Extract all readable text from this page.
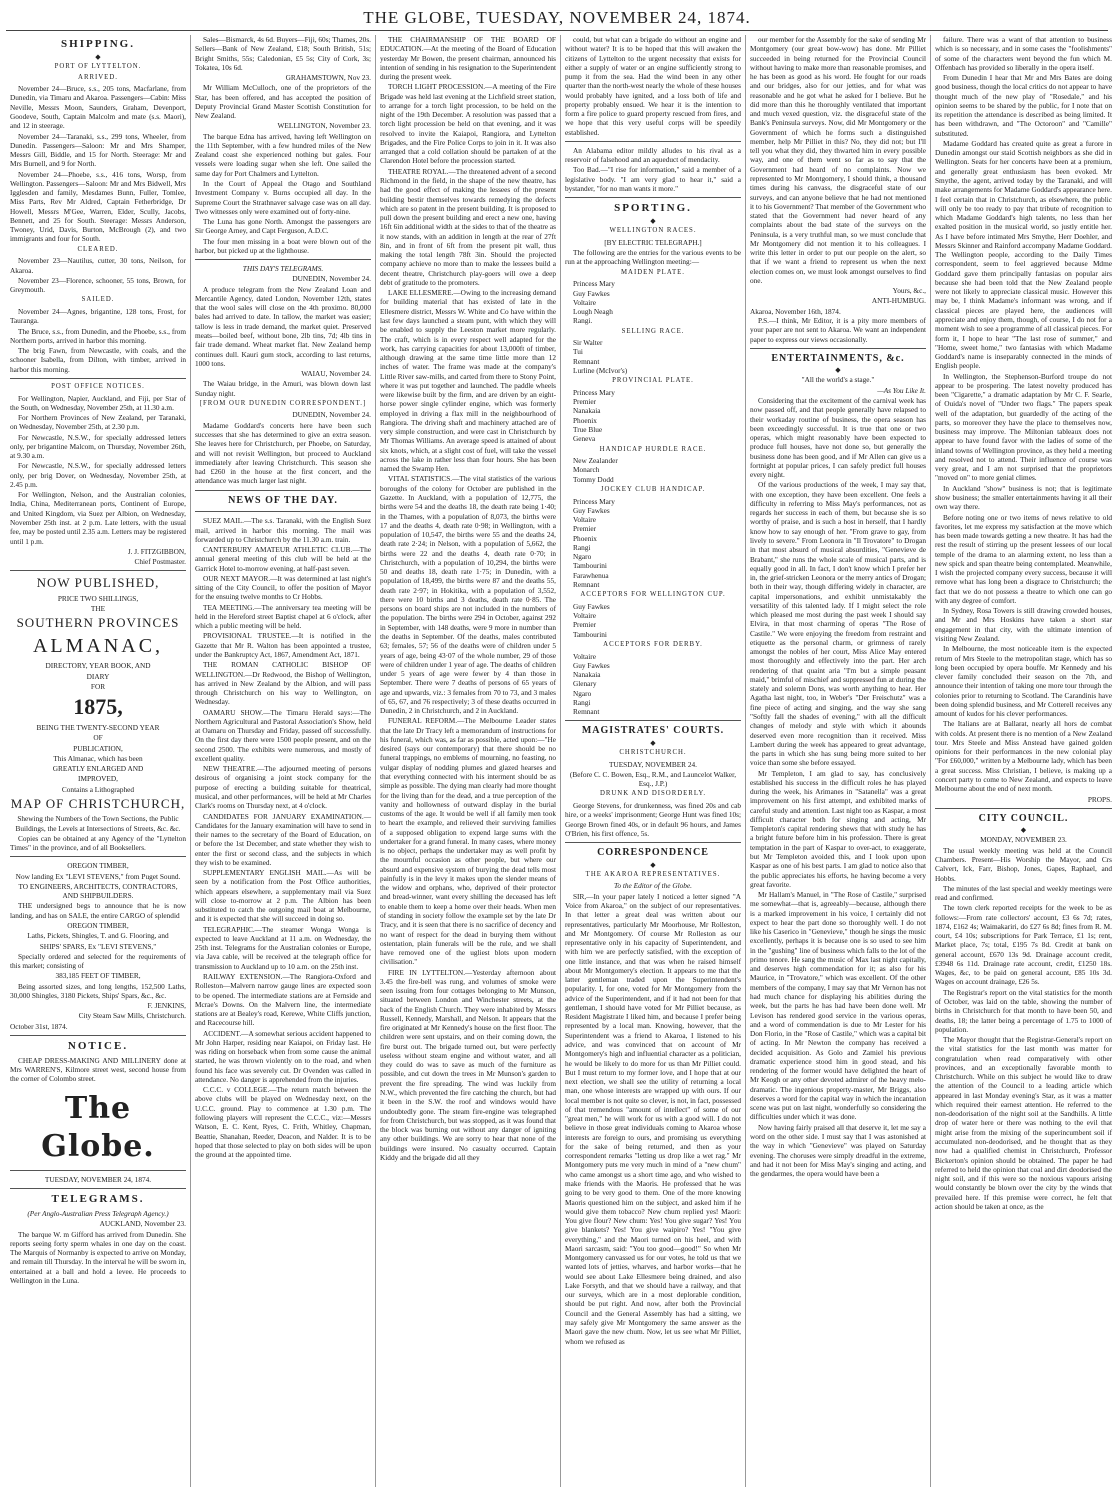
THE GLOBE, TUESDAY, NOVEMBER 24, 1874.
SHIPPING.
◆
PORT OF LYTTELTON.
ARRIVED.

November 24—Bruce, s.s., 205 tons, Macfarlane, from Dunedin, via Timaru and Akaroa. Passengers—Cabin: Miss Neville, Messrs Moon, Saunders, Graham, Devenport, Goodeve, South, Captain Malcolm and mate (s.s. Maori), and 12 in steerage.

November 24—Taranaki, s.s., 299 tons, Wheeler, from Dunedin. Passengers—Saloon: Mr and Mrs Shamper, Messrs Gill, Biddle, and 15 for North. Steerage: Mr and Mrs Burnell, and 9 for North.

November 24—Phoebe, s.s., 416 tons, Worsp, from Wellington. Passengers—Saloon: Mr and Mrs Bidwell, Mrs Igglesden and family, Mesdames Bunn, Fuller, Tomlee, Miss Parts, Rev Mr Aldred, Captain Fetherbridge, Dr Howell, Messrs M'Gee, Warren, Elder, Scully, Jacobs, Bennett, and 25 for South. Steerage: Messrs Anderson, Twoney, Urid, Davis, Burton, McBrough (2), and two immigrants and four for South.

CLEARED.

November 23—Nautilus, cutter, 30 tons, Neilson, for Akaroa.

November 23—Florence, schooner, 55 tons, Brown, for Greymouth.

SAILED.

November 24—Agnes, brigantine, 128 tons, Frost, for Tauranga.

The Bruce, s.s., from Dunedin, and the Phoebe, s.s., from Northern ports, arrived in harbor this morning.

The brig Fawn, from Newcastle, with coals, and the schooner Isabella, from Dilton, with timber, arrived in harbor this morning.

POST OFFICE NOTICES.

For Wellington, Napier, Auckland, and Fiji, per Star of the South, on Wednesday, November 25th, at 11.30 a.m.

For Northern Provinces of New Zealand, per Taranaki, on Wednesday, November 25th, at 2.30 p.m.

For Newcastle, N.S.W., for specially addressed letters only, per brigantine Malcom, on Thursday, November 26th, at 9.30 a.m.

For Newcastle, N.S.W., for specially addressed letters only, per brig Dover, on Wednesday, November 25th, at 2.45 p.m.

For Wellington, Nelson, and the Australian colonies, India, China, Mediterranean ports, Continent of Europe, and United Kingdom, via Suez per Albion, on Wednesday, November 25th inst. at 2 p.m. Late letters, with the usual fee, may be posted until 2.35 a.m. Letters may be registered until 1 p.m.

J. J. FITZGIBBON,
Chief Postmaster.
NOW PUBLISHED,
PRICE TWO SHILLINGS,
THE
SOUTHERN PROVINCES
ALMANAC,
DIRECTORY, YEAR BOOK, AND
DIARY
FOR
1875,
BEING THE TWENTY-SECOND YEAR
OF
PUBLICATION,
This Almanac, which has been
GREATLY ENLARGED AND
IMPROVED,
Contains a Lithographed
MAP OF CHRISTCHURCH,
Shewing the Numbers of the Town Sections, the Public Buildings, the Levels at Intersections of Streets, &c. &c.

Copies can be obtained at any Agency of the "Lyttelton Times" in the province, and of all Booksellers.

OREGON TIMBER,
Now landing Ex "LEVI STEVENS," from Puget Sound.
TO ENGINEERS, ARCHITECTS, CONTRACTORS, AND SHIPBUILDERS.

THE undersigned begs to announce that he is now landing, and has on SALE, the entire CARGO of splendid

OREGON TIMBER,
Laths, Pickets, Shingles, T. and G. Flooring, and
SHIPS' SPARS, Ex "LEVI STEVENS,"

Specially ordered and selected for the requirements of this market; consisting of

383,185 FEET OF TIMBER,

Being assorted sizes, and long lengths, 152,500 Laths, 30,000 Shingles, 3180 Pickets, Ships' Spars, &c., &c.

F. JENKINS,
City Steam Saw Mills, Christchurch.
October 31st, 1874.
NOTICE.

CHEAP DRESS-MAKING AND MILLINERY done at Mrs WARREN'S, Kilmore street west, second house from the corner of Colombo street.

The Globe.
TUESDAY, NOVEMBER 24, 1874.
TELEGRAMS.
(Per Anglo-Australian Press Telegraph Agency.)
AUCKLAND, November 23.

The barque W. m Gifford has arrived from Dunedin. She reports seeing forty sperm whales in one day on the coast. The Marquis of Normanby is expected to arrive on Monday, and remain till Thursday. In the interval he will be sworn in, entertained at a ball and hold a levee. He proceeds to Wellington in the Luna.

Sales—Bismarck, 4s 6d. Buyers—Fiji, 60s; Thames, 20s. Sellers—Bank of New Zealand, £18; South British, 51s; Bright Smiths, 55s; Caledonian, £5 5s; City of Cork, 3s; Tokatea, 10s 6d.

GRAHAMSTOWN, Nov 23.

Mr William McCulloch, one of the proprietors of the Star, has been offered, and has accepted the position of Deputy Provincial Grand Master Scottish Constitution for New Zealand.

WELLINGTON, November 23.

The barque Edna has arrived, having left Wellington on the 11th September, with a few hundred miles of the New Zealand coast she experienced nothing but gales. Four vessels were loading sugar when she left. One sailed the same day for Port Chalmers and Lyttelton.

In the Court of Appeal the Otago and Southland Investment Company v. Burns occupied all day. In the Supreme Court the Strathnaver salvage case was on all day. Two witnesses only were examined out of forty-nine.

The Luna has gone North. Amongst the passengers are Sir George Arney, and Capt Ferguson, A.D.C.

The four men missing in a boat were blown out of the harbor, but picked up at the lighthouse.

THIS DAY'S TELEGRAMS.
DUNEDIN, November 24.

A produce telegram from the New Zealand Loan and Mercantile Agency, dated London, November 12th, states that the wool sales will close on the 4th proximo. 80,000 bales had arrived to date. In tallow, the market was easier; tallow is less in trade demand, the market quiet. Preserved meats—boiled beef, without bone, 2lb tins, 7d; 4lb tins in fair trade demand. Wheat market flat. New Zealand hemp continues dull. Kauri gum stock, according to last returns, 1000 tons.

WAIAU, November 24.

The Waiau bridge, in the Amuri, was blown down last Sunday night.

[FROM OUR DUNEDIN CORRESPONDENT.]
DUNEDIN, November 24.

Madame Goddard's concerts here have been such successes that she has determined to give an extra season. She leaves here for Christchurch, per Phoebe, on Saturday, and will not revisit Wellington, but proceed to Auckland immediately after leaving Christchurch. This season she had £260 in the house at the first concert, and the attendance was much larger last night.

NEWS OF THE DAY.

SUEZ MAIL.—The s.s. Taranaki, with the English Suez mail, arrived in harbor this morning. The mail was forwarded up to Christchurch by the 11.30 a.m. train.

CANTERBURY AMATEUR ATHLETIC CLUB.—The annual general meeting of this club will be held at the Garrick Hotel to-morrow evening, at half-past seven.

OUR NEXT MAYOR.—It was determined at last night's sitting of the City Council, to offer the position of Mayor for the ensuing twelve months to Cr Hobbs.

TEA MEETING.—The anniversary tea meeting will be held in the Hereford street Baptist chapel at 6 o'clock, after which a public meeting will be held.

PROVISIONAL TRUSTEE.—It is notified in the Gazette that Mr R. Walton has been appointed a trustee, under the Bankruptcy Act, 1867, Amendment Act, 1871.

THE ROMAN CATHOLIC BISHOP OF WELLINGTON.—Dr Redwood, the Bishop of Wellington, has arrived in New Zealand by the Albion, and will pass through Christchurch on his way to Wellington, on Wednesday.

OAMARU SHOW.—The Timaru Herald says:—The Northern Agricultural and Pastoral Association's Show, held at Oamaru on Thursday and Friday, passed off successfully. On the first day there were 1500 people present, and on the second 2500. The exhibits were numerous, and mostly of excellent quality.

NEW THEATRE.—The adjourned meeting of persons desirous of organising a joint stock company for the purpose of erecting a building suitable for theatrical, musical, and other performances, will be held at Mr Charles Clark's rooms on Thursday next, at 4 o'clock.

CANDIDATES FOR JANUARY EXAMINATION.—Candidates for the January examination will have to send in their names to the secretary of the Board of Education, on or before the 1st December, and state whether they wish to enter the first or second class, and the subjects in which they wish to be examined.

SUPPLEMENTARY ENGLISH MAIL.—As will be seen by a notification from the Post Office authorities, which appears elsewhere, a supplementary mail via Suez will close to-morrow at 2 p.m. The Albion has been substituted to catch the outgoing mail boat at Melbourne, and it is expected that she will succeed in doing so.

TELEGRAPHIC.—The steamer Wonga Wonga is expected to leave Auckland at 11 a.m. on Wednesday, the 25th inst. Telegrams for the Australian colonies or Europe, via Java cable, will be received at the telegraph office for transmission to Auckland up to 10 a.m. on the 25th inst.

RAILWAY EXTENSION.—The Rangiora-Oxford and Rolleston—Malvern narrow gauge lines are expected soon to be opened. The intermediate stations are at Fernside and Mcrae's Downs. On the Malvern line, the intermediate stations are at Bealey's road, Kerewe, White Cliffs junction, and Racecourse hill.

ACCIDENT.—A somewhat serious accident happened to Mr John Harper, residing near Kaiapoi, on Friday last. He was riding on horseback when from some cause the animal started, he was thrown violently on to the road, and when found his face was severely cut. Dr Ovenden was called in attendance. No danger is apprehended from the injuries.

C.C.C. v COLLEGE.—The return match between the above clubs will be played on Wednesday next, on the U.C.C. ground. Play to commence at 1.30 p.m. The following players will represent the C.C.C., viz:—Messrs Watson, E. C. Kent, Ryes, C. Frith, Whitley, Chapman, Beattie, Shanahan, Reeder, Deacon, and Nalder. It is to be hoped that those selected to play on both sides will be upon the ground at the appointed time.

THE CHAIRMANSHIP OF THE BOARD OF EDUCATION.—At the meeting of the Board of Education yesterday Mr Bowen, the present chairman, announced his intention of sending in his resignation to the Superintendent during the present week.

TORCH LIGHT PROCESSION.—A meeting of the Fire Brigade was held last evening at the Lichfield street station, to arrange for a torch light procession, to be held on the night of the 19th December. A resolution was passed that a torch light procession be held on that evening, and it was resolved to invite the Kaiapoi, Rangiora, and Lyttelton Brigades, and the Fire Police Corps to join in it. It was also arranged that a cold collation should be partaken of at the Clarendon Hotel before the procession started.

THEATRE ROYAL.—The threatened advent of a second Richmond in the field, in the shape of the new theatre, has had the good effect of making the lessees of the present building bestir themselves towards remedying the defects which are so patent in the present building. It is proposed to pull down the present building and erect a new one, having 16ft 6in additional width at the sides to that of the theatre as it now stands, with an addition in length at the rear of 27ft 8in, and in front of 6ft from the present pit wall, thus making the total length 78ft 3in. Should the projected company achieve no more than to make the lessees build a decent theatre, Christchurch play-goers will owe a deep debt of gratitude to the promoters.

LAKE ELLESMERE.—Owing to the increasing demand for building material that has existed of late in the Ellesmere district, Messrs W. White and Co have within the last few days launched a steam punt, with which they will be enabled to supply the Leeston market more regularly. The craft, which is in every respect well adapted for the work, has carrying capacities for about 13,000ft of timber, although drawing at the same time little more than 12 inches of water. The frame was made at the company's Little River saw-mills, and carted from there to Stony Point, where it was put together and launched. The paddle wheels were likewise built by the firm, and are driven by an eight-horse power single cylinder engine, which was formerly employed in driving a flax mill in the neighbourhood of Rangiora. The driving shaft and machinery attached are of very simple construction, and were cast in Christchurch by Mr Thomas Williams. An average speed is attained of about six knots, which, at a slight cost of fuel, will take the vessel across the lake in rather less than four hours. She has been named the Swamp Hen.

VITAL STATISTICS.—The vital statistics of the various boroughs of the colony for October are published in the Gazette. In Auckland, with a population of 12,775, the births were 54 and the deaths 18, the death rate being 1·40; in the Thames, with a population of 8,073, the births were 17 and the deaths 4, death rate 0·98; in Wellington, with a population of 10,547, the births were 55 and the deaths 24, death rate 2·24; in Nelson, with a population of 5,662, the births were 22 and the deaths 4, death rate 0·70; in Christchurch, with a population of 10,294, the births were 50 and deaths 18, death rate 1·75; in Dunedin, with a population of 18,499, the births were 87 and the deaths 55, death rate 2·97; in Hokitika, with a population of 3,552, there were 10 births and 3 deaths, death rate 0·85. The persons on board ships are not included in the numbers of the population. The births were 294 in October, against 292 in September, with 148 deaths, were 9 more in number than the deaths in September. Of the deaths, males contributed 63; females, 57; 56 of the deaths were of children under 5 years of age, being 43·07 of the whole number, 29 of those were of children under 1 year of age. The deaths of children under 5 years of age were fewer by 4 than those in September. There were 7 deaths of persons of 65 years of age and upwards, viz.: 3 females from 70 to 73, and 3 males of 65, 67, and 76 respectively; 3 of these deaths occurred in Dunedin, 2 in Christchurch, and 2 in Auckland.

FUNERAL REFORM.—The Melbourne Leader states that the late Dr Tracy left a memorandum of instructions for his funeral, which was, as far as possible, acted upon:—"He desired (says our contemporary) that there should be no funeral trappings, no emblems of mourning, no feasting, no vulgar display of nodding plumes and glazed hearses and that everything connected with his interment should be as simple as possible. The dying man clearly had more thought for the living than for the dead, and a true perception of the vanity and hollowness of outward display in the burial customs of the age. It would be well if all family men took to heart the example, and relieved their surviving families of a supposed obligation to expend large sums with the undertaker for a grand funeral. In many cases, where money is no object, perhaps the undertaker may as well profit by the mournful occasion as other people, but where our absurd and expensive system of burying the dead tells most painfully is in the levy it makes upon the slender means of the widow and orphans, who, deprived of their protector and bread-winner, want every shilling the deceased has left to enable them to keep a home over their heads. When men of standing in society follow the example set by the late Dr Tracy, and it is seen that there is no sacrifice of decency and no want of respect for the dead in burying them without ostentation, plain funerals will be the rule, and we shall have removed one of the ugliest blots upon modern civilisation."

FIRE IN LYTTELTON.—Yesterday afternoon about 3.45 the fire-bell was rung, and volumes of smoke were seen issuing from four cottages belonging to Mr Munson, situated between London and Winchester streets, at the back of the English Church. They were inhabited by Messrs Russell, Kennedy, Marshall, and Nelson. It appears that the fire originated at Mr Kennedy's house on the first floor. The children were sent upstairs, and on their coming down, the fire burst out. The brigade turned out, but were perfectly useless without steam engine and without water, and all they could do was to save as much of the furniture as possible, and cut down the trees in Mr Munson's garden to prevent the fire spreading. The wind was luckily from N.W., which prevented the fire catching the church, but had it been in the S.W. the roof and windows would have undoubtedly gone. The steam fire-engine was telegraphed for from Christchurch, but was stopped, as it was found that the block was burning out without any danger of igniting any other buildings. We are sorry to hear that none of the buildings were insured. No casualty occurred. Captain Kiddy and the brigade did all they

could, but what can a brigade do without an engine and without water? It is to be hoped that this will awaken the citizens of Lyttelton to the urgent necessity that exists for either a supply of water or an engine sufficiently strong to pump it from the sea. Had the wind been in any other quarter than the north-west nearly the whole of these houses would probably have ignited, and a loss both of life and property probably ensued. We hear it is the intention to form a fire police to guard property rescued from fires, and we hope that this very useful corps will be speedily established.

An Alabama editor mildly alludes to his rival as a reservoir of falsehood and an aqueduct of mendacity.

Too Bad.—"I rise for information," said a member of a legislative body. "I am very glad to hear it," said a bystander, "for no man wants it more."

SPORTING.
◆
WELLINGTON RACES.
[BY ELECTRIC TELEGRAPH.]

The following are the entries for the various events to be run at the approaching Wellington meeting:—

MAIDEN PLATE.
Princess Mary
Guy Fawkes
Voltaire
Lough Neagh
Rangi.
SELLING RACE.
Sir Walter
Tui
Remnant
Lurline (McIvor's)
PROVINCIAL PLATE.
Princess Mary
Premier
Nanakaia
Phoenix
True Blue
Geneva
HANDICAP HURDLE RACE.
New Zealander
Monarch
Tommy Dodd
JOCKEY CLUB HANDICAP.
Princess Mary
Guy Fawkes
Voltaire
Premier
Phoenix
Rangi
Ngaro
Tambourini
Farawhenua
Remnant
ACCEPTORS FOR WELLINGTON CUP.
Guy Fawkes
Voltaire
Premier
Tambourini
ACCEPTORS FOR DERBY.
Voltaire
Guy Fawkes
Nanakaia
Glenary
Ngaro
Rangi
Remnant
MAGISTRATES' COURTS.
◆
CHRISTCHURCH.
TUESDAY, NOVEMBER 24.
(Before C. C. Bowen, Esq., R.M., and Launcelot Walker, Esq., J.P.)
DRUNK AND DISORDERLY.

George Stevens, for drunkenness, was fined 20s and cab hire, or a weeks' imprisonment; George Hunt was fined 10s; George Brown fined 40s, or in default 96 hours, and James O'Brien, his first offence, 5s.

CORRESPONDENCE
◆
THE AKAROA REPRESENTATIVES.
To the Editor of the Globe.

SIR,—In your paper lately I noticed a letter signed "A Voice from Akaroa," on the subject of our representatives. In that letter a great deal was written about our representatives, particularly Mr Moorhouse, Mr Rolleston, and Mr Montgomery. Of course Mr Rolleston as our representative only in his capacity of Superintendent, and with him we are perfectly satisfied, with the exception of one little instance, and that was when he raised himself about Mr Montgomery's election. It appears to me that the latter gentleman traded upon the Superintendent's popularity. I, for one, voted for Mr Montgomery from the advice of the Superintendent, and if it had not been for that gentleman, I should have voted for Mr Pilliet because, as Resident Magistrate I liked him, and because I prefer being represented by a local man. Knowing, however, that the Superintendent was a friend to Akaroa, I listened to his advice, and was convinced that on account of Mr Montgomery's high and influential character as a politician, he would be likely to do more for us than Mr Pilliet could. But I must return to my former love, and I hope that at our next election, we shall see the utility of returning a local man, one whose interests are wrapped up with ours. If our local member is not quite so clever, is not, in fact, possessed of that tremendous "amount of intellect" of some of our "great men," he will work for us with a good will. I do not believe in those great individuals coming to Akaroa whose interests are foreign to ours, and promising us everything for the sake of being returned, and then as your correspondent remarks "letting us drop like a wet rag." Mr Montgomery puts me very much in mind of a "new chum" who came amongst us a short time ago, and who wished to make friends with the Maoris. He professed that he was going to be very good to them. One of the more knowing Maoris questioned him on the subject, and asked him if he would give them tobacco? New chum replied yes! Maori: You give flour? New chum: Yes! You give sugar? Yes! You give blankets? Yes! You give waipiro? Yes! "You give everything," and the Maori turned on his heel, and with Maori sarcasm, said: "You too good—good!" So when Mr Montgomery canvassed us for our votes, he told us that we wanted lots of jetties, wharves, and harbor works—that he would see about Lake Ellesmere being drained, and also Lake Forsyth, and that we should have a railway, and that our surveys, which are in a most deplorable condition, should be put right. And now, after both the Provincial Council and the General Assembly has had a sitting, we may safely give Mr Montgomery the same answer as the Maori gave the new chum. Now, let us see what Mr Pilliet, whom we refused as

our member for the Assembly for the sake of sending Mr Montgomery (our great bow-wow) has done. Mr Pilliet succeeded in being returned for the Provincial Council without having to make more than reasonable promises, and he has been as good as his word. He fought for our roads and our bridges, also for our jetties, and for what was reasonable and he got what he asked for I believe. But he did more than this he thoroughly ventilated that important and much vexed question, viz. the disgraceful state of the Bank's Peninsula surveys. Now, did Mr Montgomery or the Government of which he forms such a distinguished member, help Mr Pilliet in this? No, they did not; but I'll tell you what they did, they thwarted him in every possible way, and one of them went so far as to say that the Government had heard of no complaints. Now we represented to Mr Montgomery, I should think, a thousand times during his canvass, the disgraceful state of our surveys, and can anyone believe that he had not mentioned it to his Government? That member of the Government who stated that the Government had never heard of any complaints about the bad state of the surveys on the Peninsula, is a very truthful man, so we must conclude that Mr Montgomery did not mention it to his colleagues. I write this letter in order to put our people on the alert, so that if we want a friend to represent us when the next election comes on, we must look amongst ourselves to find one.

Yours, &c.,
ANTI-HUMBUG.
Akaroa, November 16th, 1874.

P.S.—I think, Mr Editor, it is a pity more members of your paper are not sent to Akaroa. We want an independent paper to express our views occasionally.

ENTERTAINMENTS, &c.
◆
"All the world's a stage."
—As You Like It.

Considering that the excitement of the carnival week has now passed off, and that people generally have relapsed to their workaday routine of business, the opera season has been exceedingly successful. It is true that one or two operas, which might reasonably have been expected to produce full houses, have not done so, but generally the business done has been good, and if Mr Allen can give us a fortnight at popular prices, I can safely predict full houses every night.

Of the various productions of the week, I may say that, with one exception, they have been excellent. One feels a difficulty in referring to Miss May's performances, not as regards her success in each of them, but because she is so worthy of praise, and is such a host in herself, that I hardly know how to say enough of her. "From grave to gay, from lively to severe." From Leonora in "Il Trovatore" to Drogan in that most absurd of musical absurdities, "Genevieve de Brabant," she runs the whole scale of musical parts, and is equally good in all. In fact, I don't know which I prefer her in, the grief-stricken Leonora or the merry antics of Drogan; both in their way, though differing widely in character, are capital impersonations, and exhibit unmistakably the versatility of this talented lady. If I might select the role which pleased me most during the past week I should say Elvira, in that most charming of operas "The Rose of Castile." We were enjoying the freedom from restraint and etiquette as the personal charm, or grimness of rarely amongst the nobles of her court, Miss Alice May entered most thoroughly and effectively into the part. Her arch rendering of that quaint aria "I'm but a simple peasant maid," brimful of mischief and suppressed fun at during the stately and solemn Dons, was worth anything to hear. Her Agatha last night, too, in Weber's "Der Freischutz" was a fine piece of acting and singing, and the way she sang "Softly fall the shades of evening," with all the difficult changes of melody and style with which it abounds deserved even more recognition than it received. Miss Lambert during the week has appeared to great advantage, the parts in which she has sung being more suited to her voice than some she before essayed.

Mr Templeton, I am glad to say, has conclusively established his success in the difficult roles he has played during the week, his Arimanes in "Satanella" was a great improvement on his first attempt, and exhibited marks of careful study and attention. Last night too as Kaspar, a most difficult character both for singing and acting, Mr Templeton's capital rendering shews that with study he has a bright future before him in his profession. There is great temptation in the part of Kaspar to over-act, to exaggerate, but Mr Templeton avoided this, and I look upon upon Kaspar as one of his best parts. I am glad to notice also that the public appreciates his efforts, he having become a very great favorite.

Mr Hallam's Manuel, in "The Rose of Castile," surprised me somewhat—that is, agreeably—because, although there is a marked improvement in his voice, I certainly did not expect to hear the part done so thoroughly well. I do not like his Caserico in "Genevieve," though he sings the music excellently, perhaps it is because one is so used to see him in the "gushing" line of business which falls to the lot of the primo tenore. He sang the music of Max last night capitally, and deserves high commendation for it; as also for his Maurice, in "Trovatore," which was excellent. Of the other members of the company, I may say that Mr Vernon has not had much chance for displaying his abilities during the week, but the parts he has had have been done well. Mr Levison has rendered good service in the various operas, and a word of commendation is due to Mr Lester for his Don Florio, in the "Rose of Castile," which was a capital bit of acting. In Mr Newton the company has received a decided acquisition. As Golo and Zamiel his previous dramatic experience stood him in good stead, and his rendering of the former would have delighted the heart of Mr Keogh or any other devoted admirer of the heavy melo-dramatic. The ingenious property-master, Mr Briggs, also deserves a word for the capital way in which the incantation scene was put on last night, wonderfully so considering the difficulties under which it was done.

Now having fairly praised all that deserve it, let me say a word on the other side. I must say that I was astonished at the way in which "Genevieve" was played on Saturday evening. The choruses were simply dreadful in the extreme, and had it not been for Miss May's singing and acting, and the gendarmes, the opera would have been a

failure. There was a want of that attention to business which is so necessary, and in some cases the "foolishments" of some of the characters went beyond the fun which M. Offenbach has provided so liberally in the opera itself.

From Dunedin I hear that Mr and Mrs Bates are doing good business, though the local critics do not appear to have thought much of the new play of "Rosedale," and his opinion seems to be shared by the public, for I note that on its repetition the attendance is described as being limited. It has been withdrawn, and "The Octoroon" and "Camille" substituted.

Madame Goddard has created quite as great a furore in Dunedin amongst our staid Scottish neighbors as she did in Wellington. Seats for her concerts have been at a premium, and generally great enthusiasm has been evoked. Mr Smythe, the agent, arrived today by the Taranaki, and will make arrangements for Madame Goddard's appearance here. I feel certain that in Christchurch, as elsewhere, the public will only be too ready to pay that tribute of recognition to which Madame Goddard's high talents, no less than her exalted position in the musical world, so justly entitle her. As I have before intimated Mrs Smythe, Herr Doehler, and Messrs Skinner and Rainford accompany Madame Goddard. The Wellington people, according to the Daily Times correspondent, seem to feel aggrieved because Mdme Goddard gave them principally fantasias on popular airs because she had been told that the New Zealand people were not likely to appreciate classical music. However this may be, I think Madame's informant was wrong, and if classical pieces are played here, the audiences will appreciate and enjoy them, though, of course, I do not for a moment wish to see a programme of all classical pieces. For form it, I hope to hear "The last rose of summer," and "Home, sweet home," two fantasias with which Madame Goddard's name is inseparably connected in the minds of English people.

In Wellington, the Stephenson-Burford troupe do not appear to be prospering. The latest novelty produced has been "Cigarette," a dramatic adaptation by Mr C. F. Searle, of Ouida's novel of "Under two flags." The papers speak well of the adaptation, but guardedly of the acting of the parts, so moreover they have the place to themselves now, business may improve. The Miltonian tableaux does not appear to have found favor with the ladies of some of the inland towns of Wellington province, as they held a meeting and resolved not to attend. Their influence of course was very great, and I am not surprised that the proprietors "moved on" to more genial climes.

In Auckland "show" business is not; that is legitimate show business; the smaller entertainments having it all their own way there.

Before noting one or two items of news relative to old favorites, let me express my satisfaction at the move which has been made towards getting a new theatre. It has had the rest the result of stirring up the present lessees of our local temple of the drama to an alarming extent, no less than a new spick and span theatre being contemplated. Meanwhile, I wish the projected company every success, because it will remove what has long been a disgrace to Christchurch; the fact that we do not possess a theatre to which one can go with any degree of comfort.

In Sydney, Rosa Towers is still drawing crowded houses, and Mr and Mrs Hoskins have taken a short star engagement in that city, with the ultimate intention of visiting New Zealand.

In Melbourne, the most noticeable item is the expected return of Mrs Steele to the metropolitan stage, which has so long been occupied by opera bouffe. Mr Kennedy and his clever family concluded their season on the 7th, and announce their intention of taking one more tour through the colonies prior to returning to Scotland. The Carandinis have been doing splendid business, and Mr Cotterell receives any amount of kudos for his clever performances.

The Italians are at Ballarat, nearly all hors de combat with colds. At present there is no mention of a New Zealand tour. Mrs Steele and Miss Anstead have gained golden opinions for their performances in the new colonial play "For £60,000," written by a Melbourne lady, which has been a great success. Miss Christian, I believe, is making up a concert party to come to New Zealand, and expects to leave Melbourne about the end of next month.

PROPS.
CITY COUNCIL.
◆
MONDAY, NOVEMBER 23.

The usual weekly meeting was held at the Council Chambers. Present—His Worship the Mayor, and Crs Calvert, Ick, Farr, Bishop, Jones, Gapes, Raphael, and Hobbs.

The minutes of the last special and weekly meetings were read and confirmed.

The town clerk reported receipts for the week to be as follows:—From rate collectors' account, £3 6s 7d; rates, 1874, £162 4s; Waimakariri, do £27 6s 8d; fines from R. M. court, £4 10s; subscriptions for Park Terrace, £1 1s; rent, Market place, 7s; total, £195 7s 8d. Credit at bank on general account, £670 13s 9d. Drainage account credit, £3948 6s 11d. Drainage rate account, credit, £1250 18s. Wages, &c, to be paid on general account, £85 10s 3d. Wages on account drainage, £26 5s.

The Registrar's report on the vital statistics for the month of October, was laid on the table, showing the number of births in Christchurch for that month to have been 50, and deaths, 18; the latter being a percentage of 1.75 to 1000 of population.

The Mayor thought that the Registrar-General's report on the vital statistics for the last month was matter for congratulation when read comparatively with other provinces, and an exceptionally favorable month to Christchurch. While on this subject he would like to draw the attention of the Council to a leading article which appeared in last Monday evening's Star, as it was a matter which required their earnest attention. He referred to the non-deodorisation of the night soil at the Sandhills. A little drop of water here or there was nothing to the evil that might arise from the mixing of the superincumbent soil if accumulated non-deodorised, and he thought that as they now had a qualified chemist in Christchurch, Professor Bickerton's opinion should be obtained. The paper he had referred to held the opinion that coal and dirt deodorised the night soil, and if this were so the noxious vapours arising would constantly be blown over the city by the winds that prevailed here. If this premise were correct, he felt that action should be taken at once, as the
